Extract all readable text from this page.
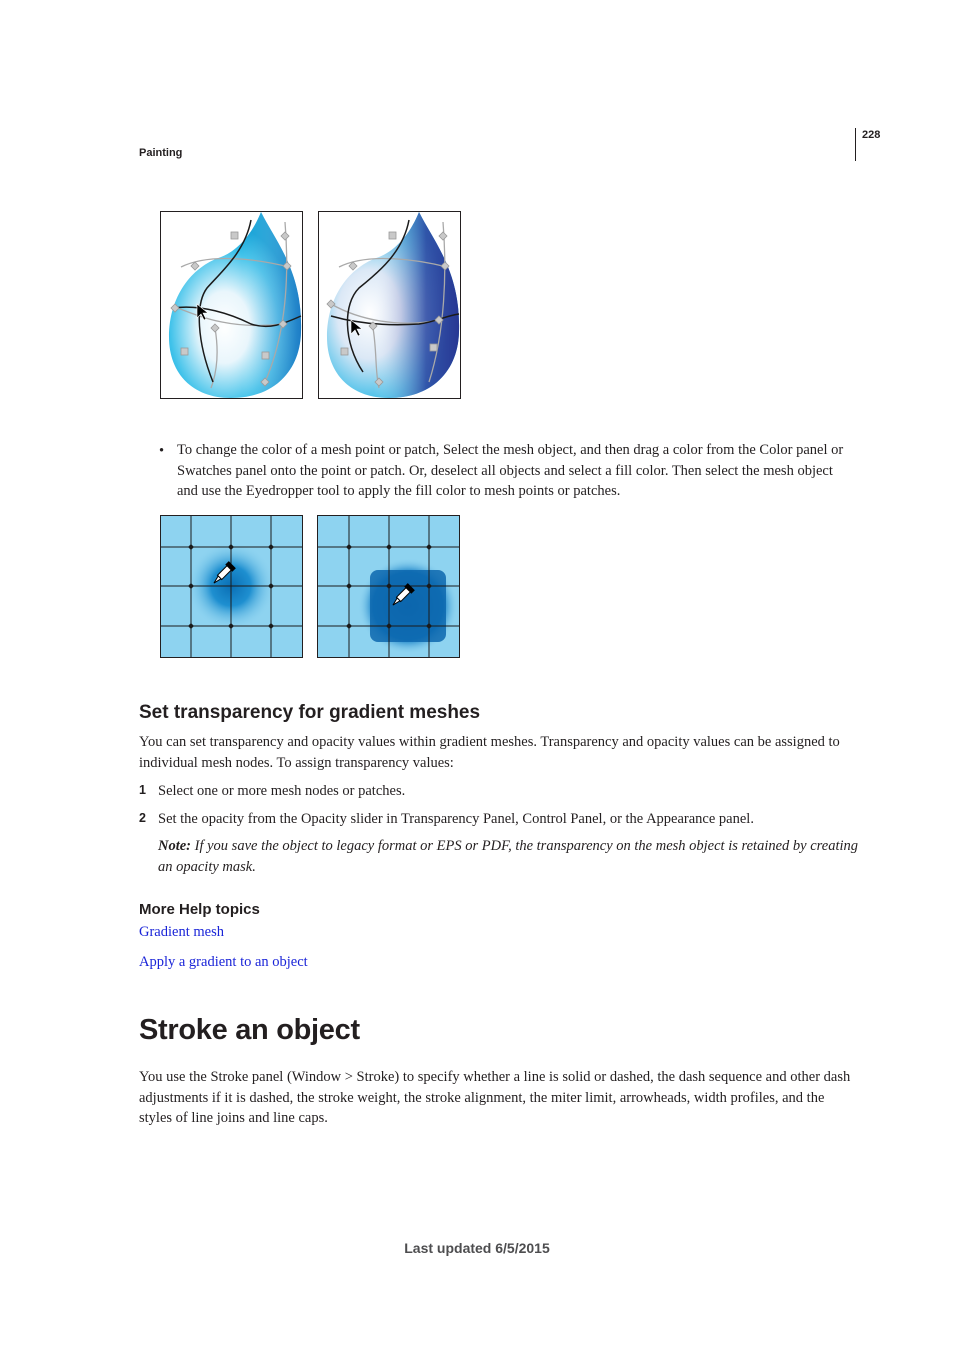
Painting
228
• To change the color of a mesh point or patch, Select the mesh object, and then drag a color from the Color panel or Swatches panel onto the point or patch. Or, deselect all objects and select a fill color. Then select the mesh object and use the Eyedropper tool to apply the fill color to mesh points or patches.
Set transparency for gradient meshes
You can set transparency and opacity values within gradient meshes. Transparency and opacity values can be assigned to individual mesh nodes. To assign transparency values:
1 Select one or more mesh nodes or patches.
2 Set the opacity from the Opacity slider in Transparency Panel, Control Panel, or the Appearance panel.
Note: If you save the object to legacy format or EPS or PDF, the transparency on the mesh object is retained by creating an opacity mask.
More Help topics
Gradient mesh
Apply a gradient to an object
Stroke an object
You use the Stroke panel (Window > Stroke) to specify whether a line is solid or dashed, the dash sequence and other dash adjustments if it is dashed, the stroke weight, the stroke alignment, the miter limit, arrowheads, width profiles, and the styles of line joins and line caps.
Last updated 6/5/2015
